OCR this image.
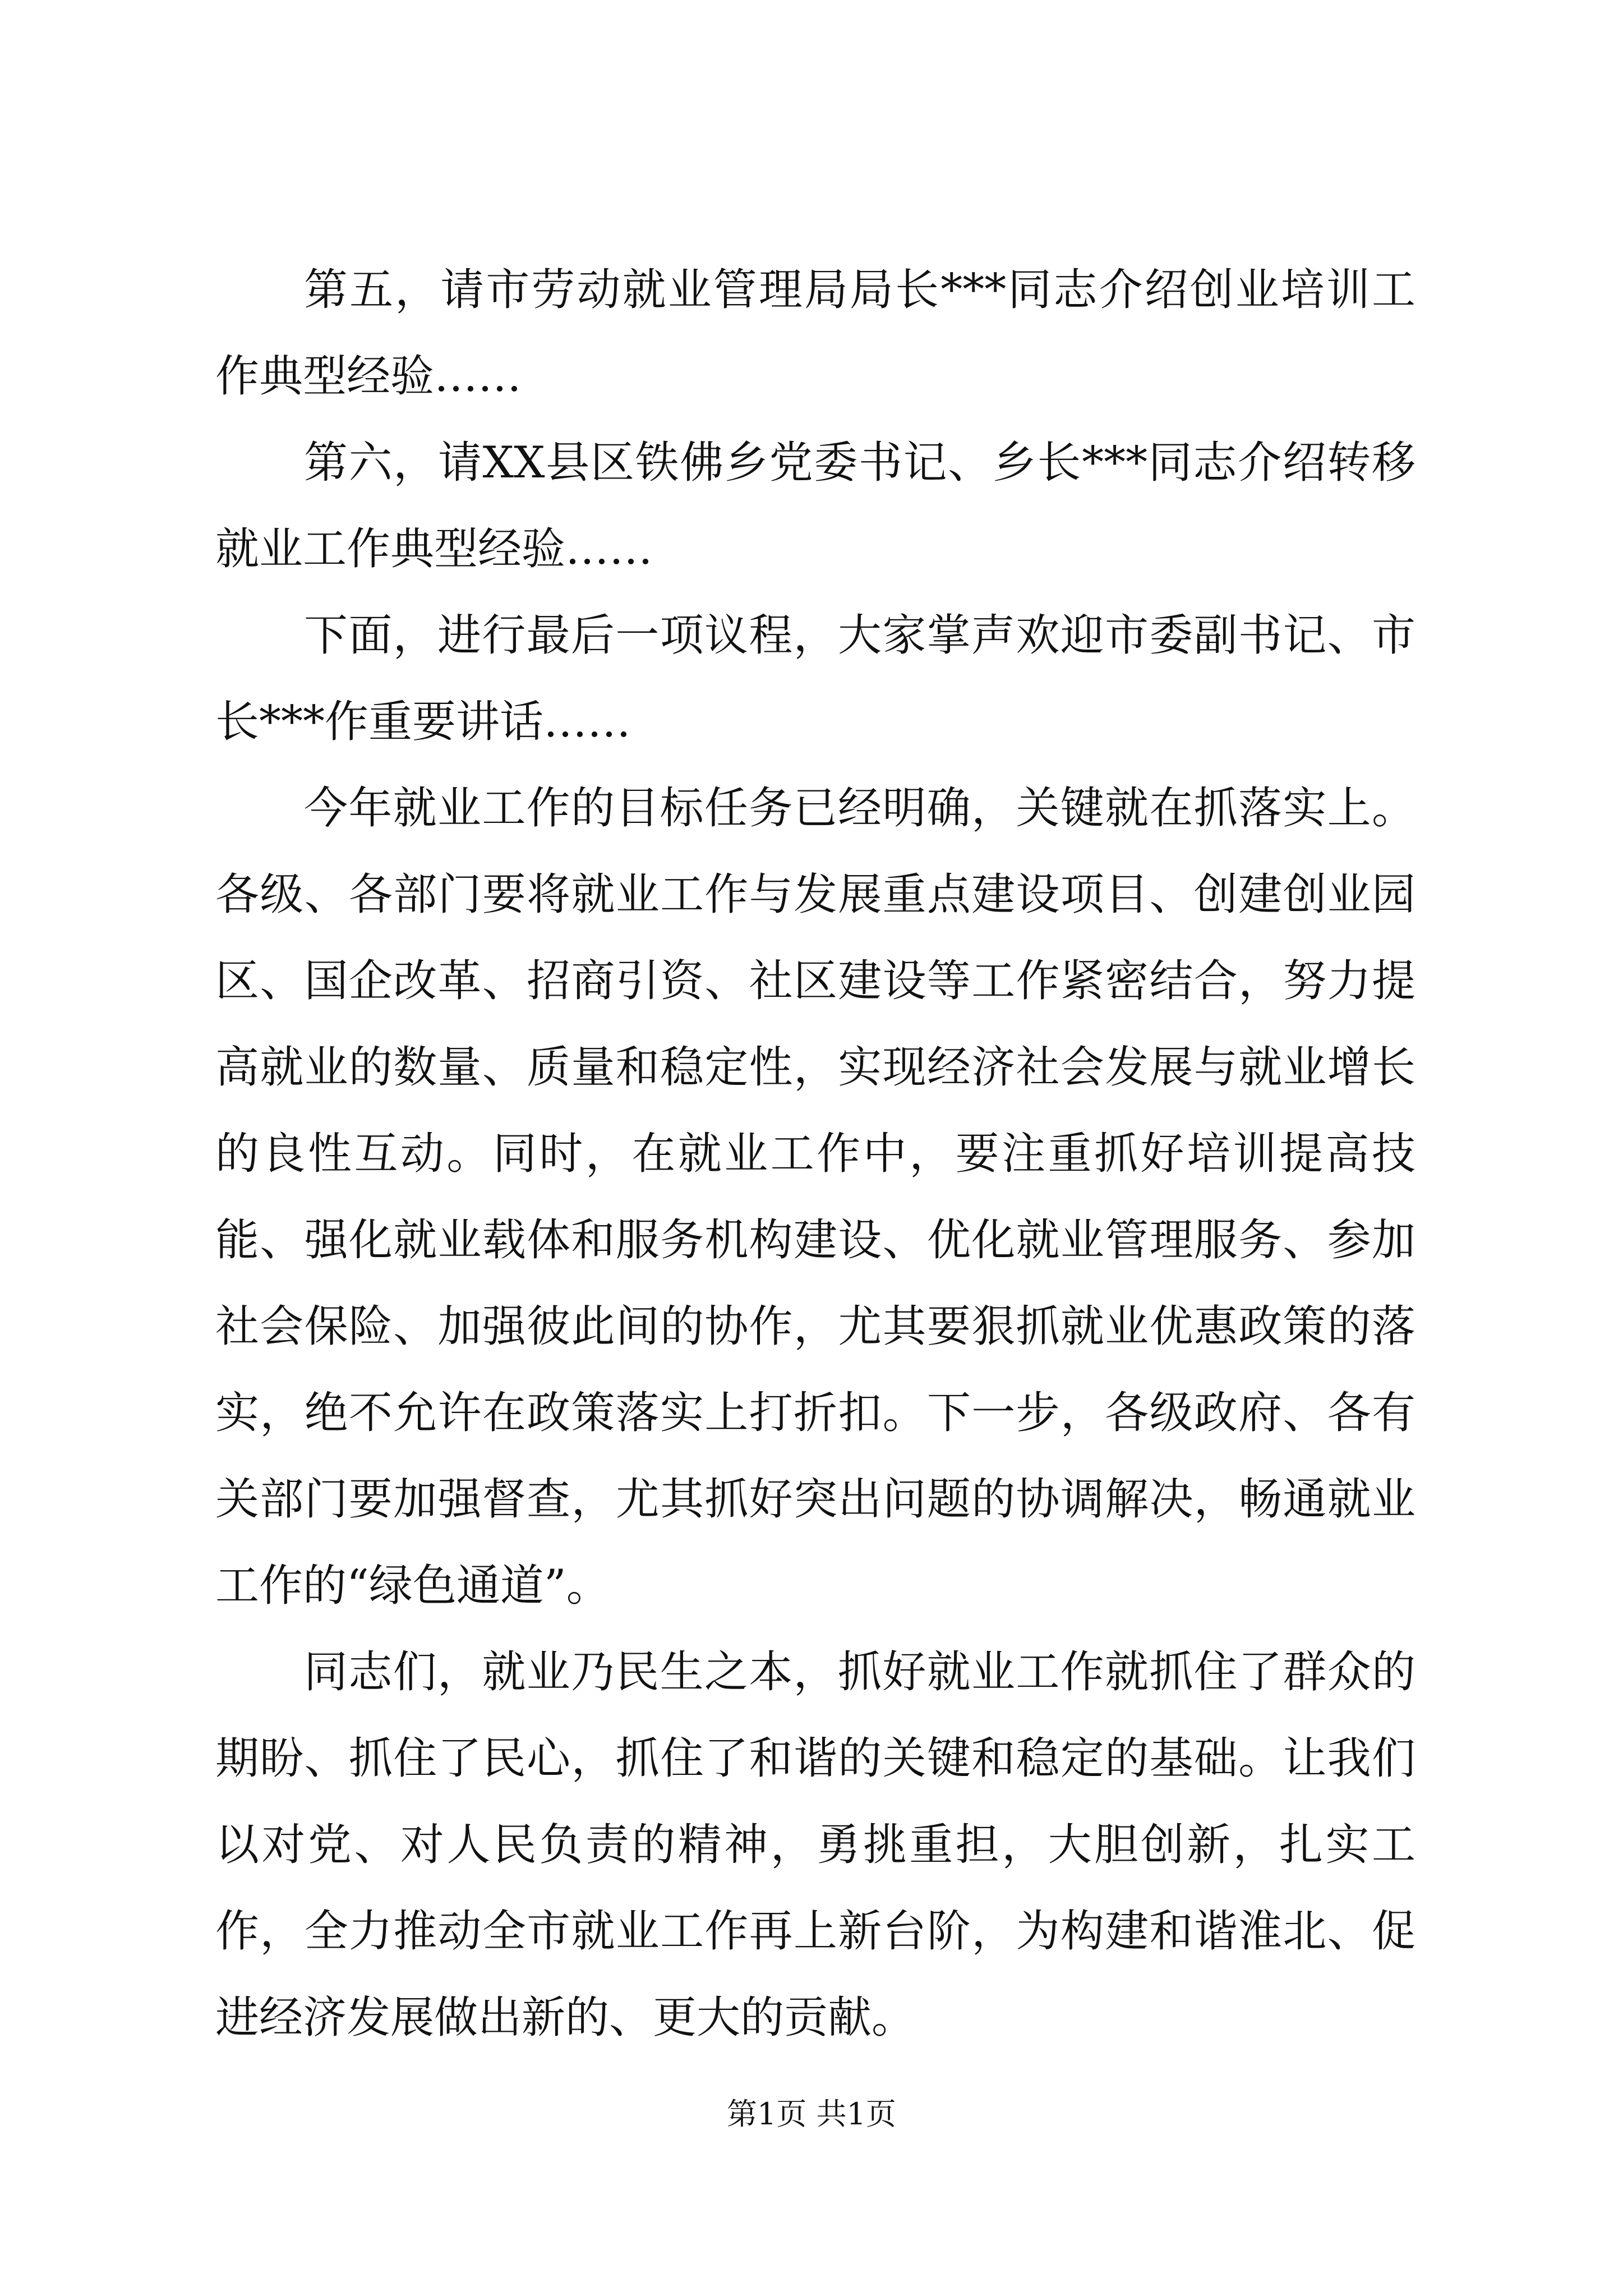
第五，请市劳动就业管理局局长***同志介绍创业培训工作典型经验……

第六，请XX县区铁佛乡党委书记、乡长***同志介绍转移就业工作典型经验……

下面，进行最后一项议程，大家掌声欢迎市委副书记、市长***作重要讲话……

今年就业工作的目标任务已经明确，关键就在抓落实上。各级、各部门要将就业工作与发展重点建设项目、创建创业园区、国企改革、招商引资、社区建设等工作紧密结合，努力提高就业的数量、质量和稳定性，实现经济社会发展与就业增长的良性互动。同时，在就业工作中，要注重抓好培训提高技能、强化就业载体和服务机构建设、优化就业管理服务、参加社会保险、加强彼此间的协作，尤其要狠抓就业优惠政策的落实，绝不允许在政策落实上打折扣。下一步，各级政府、各有关部门要加强督查，尤其抓好突出问题的协调解决，畅通就业工作的“绿色通道”。

同志们，就业乃民生之本，抓好就业工作就抓住了群众的期盼、抓住了民心，抓住了和谐的关键和稳定的基础。让我们以对党、对人民负责的精神，勇挑重担，大胆创新，扎实工作，全力推动全市就业工作再上新台阶，为构建和谐淮北、促进经济发展做出新的、更大的贡献。

第1页 共1页
